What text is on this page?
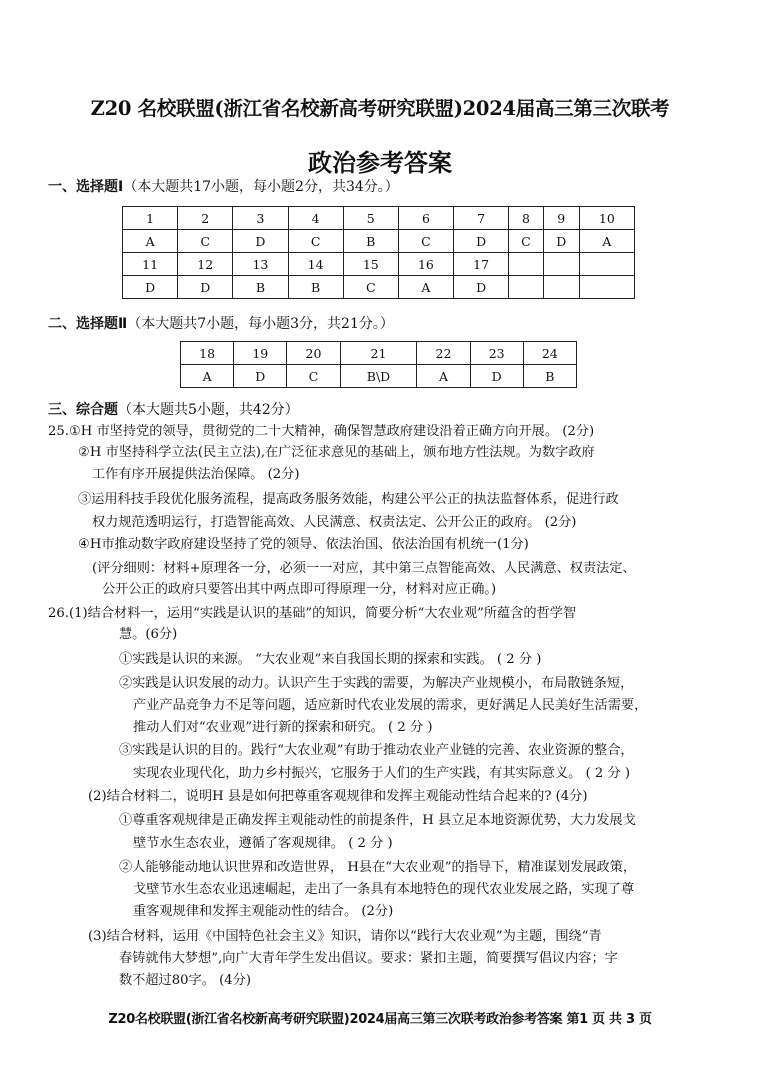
Z20 名校联盟(浙江省名校新高考研究联盟)2024届高三第三次联考
政治参考答案
一、选择题Ⅰ（本大题共17小题，每小题2分，共34分。）
1	2	3	4	5	6	7	8	9	10
A	C	D	C	B	C	D	C	D	A
11	12	13	14	15	16	17			
D	D	B	B	C	A	D			
二、选择题Ⅱ（本大题共7小题，每小题3分，共21分。）
18	19	20	21	22	23	24
A	D	C	B\D	A	D	B
三、综合题（本大题共5小题，共42分）
25.①H 市坚持党的领导，贯彻党的二十大精神，确保智慧政府建设沿着正确方向开展。 (2分)
②H 市坚持科学立法(民主立法),在广泛征求意见的基础上，颁布地方性法规。为数字政府
工作有序开展提供法治保障。 (2分)
③运用科技手段优化服务流程，提高政务服务效能，构建公平公正的执法监督体系，促进行政
权力规范透明运行，打造智能高效、人民满意、权责法定、公开公正的政府。 (2分)
④H市推动数字政府建设坚持了党的领导、依法治国、依法治国有机统一(1分)
(评分细则：材料+原理各一分，必须一一对应，其中第三点智能高效、人民满意、权责法定、
公开公正的政府只要答出其中两点即可得原理一分，材料对应正确。)
26.(1)结合材料一，运用“实践是认识的基础”的知识，简要分析“大农业观”所蕴含的哲学智
慧。(6分)
①实践是认识的来源。 “大农业观”来自我国长期的探索和实践。 ( 2 分 )
②实践是认识发展的动力。认识产生于实践的需要，为解决产业规模小，布局散链条短，
产业产品竞争力不足等问题，适应新时代农业发展的需求，更好满足人民美好生活需要，
推动人们对“农业观”进行新的探索和研究。 ( 2 分 )
③实践是认识的目的。践行“大农业观”有助于推动农业产业链的完善、农业资源的整合，
实现农业现代化，助力乡村振兴，它服务于人们的生产实践，有其实际意义。 ( 2 分 )
(2)结合材料二，说明H 县是如何把尊重客观规律和发挥主观能动性结合起来的? (4分)
①尊重客观规律是正确发挥主观能动性的前提条件，H 县立足本地资源优势，大力发展戈
壁节水生态农业，遵循了客观规律。 ( 2 分 )
②人能够能动地认识世界和改造世界， H县在“大农业观”的指导下，精准谋划发展政策，
戈壁节水生态农业迅速崛起，走出了一条具有本地特色的现代农业发展之路，实现了尊
重客观规律和发挥主观能动性的结合。 (2分)
(3)结合材料，运用《中国特色社会主义》知识，请你以“践行大农业观”为主题，围绕“青
春铸就伟大梦想”,向广大青年学生发出倡议。要求：紧扣主题，简要撰写倡议内容；字
数不超过80字。 (4分)
Z20名校联盟(浙江省名校新高考研究联盟)2024届高三第三次联考政治参考答案 第1 页 共 3 页
